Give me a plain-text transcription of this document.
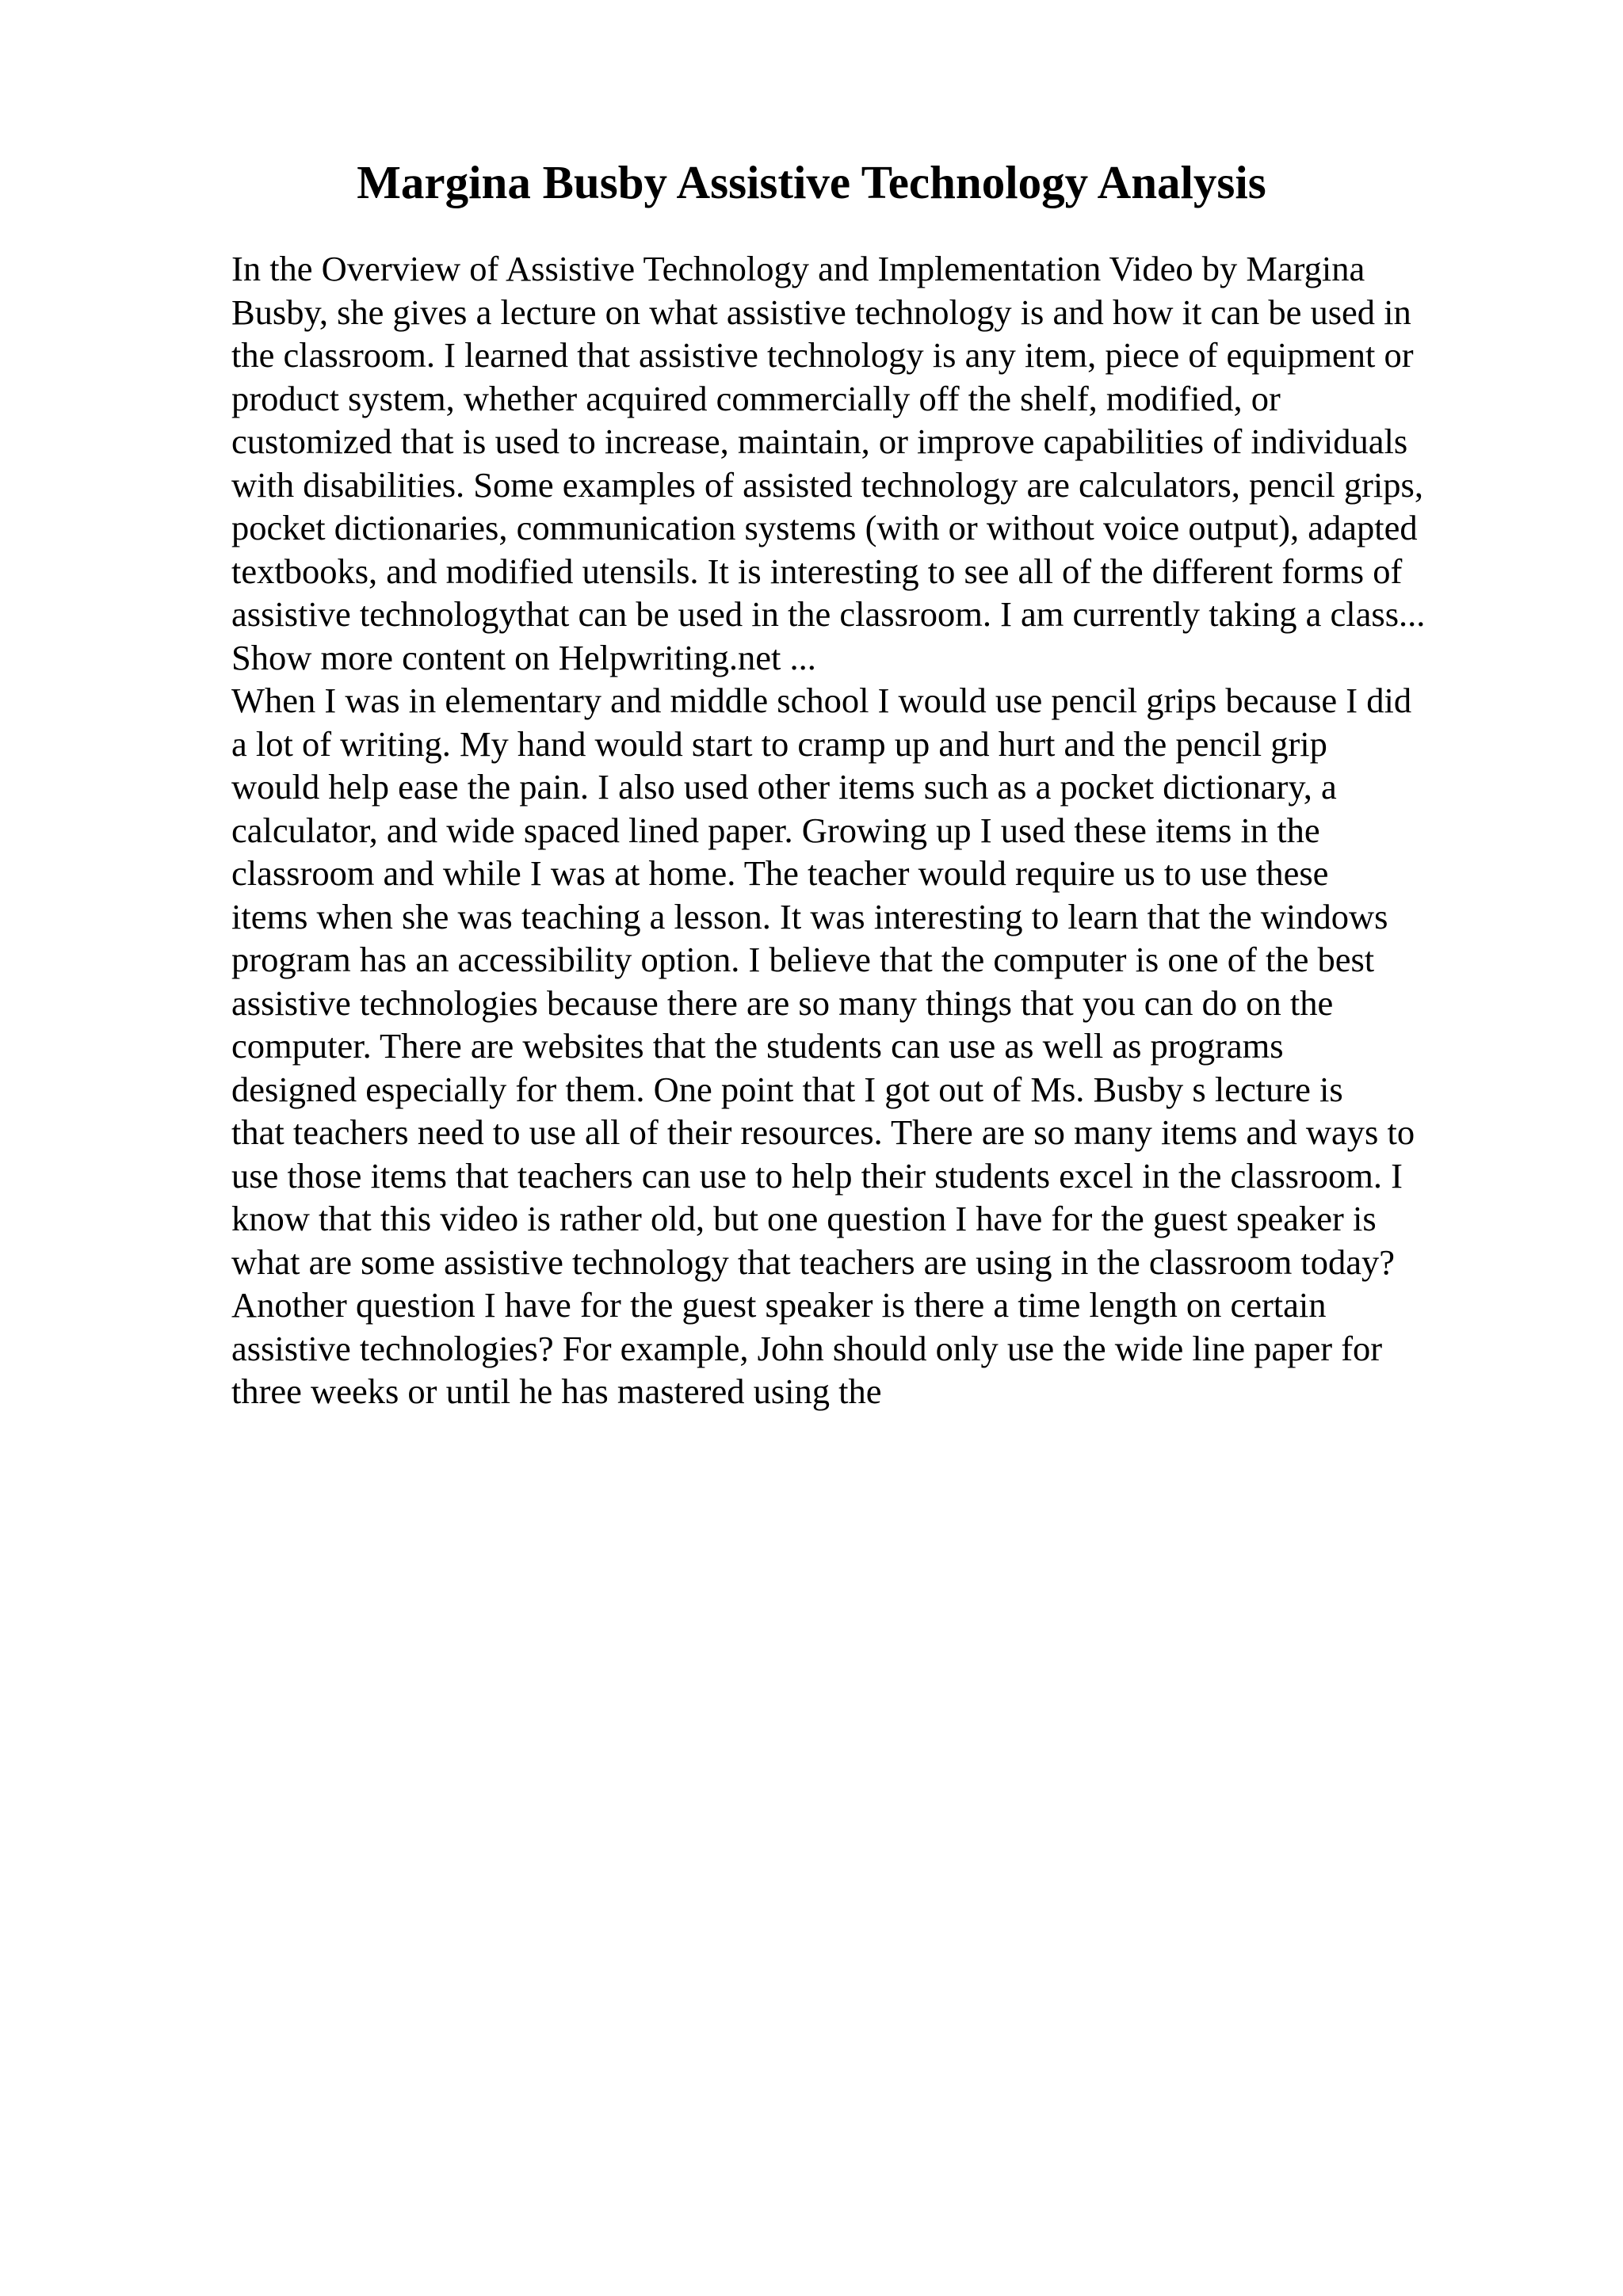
Margina Busby Assistive Technology Analysis
In the Overview of Assistive Technology and Implementation Video by Margina
Busby, she gives a lecture on what assistive technology is and how it can be used in
the classroom. I learned that assistive technology is any item, piece of equipment or
product system, whether acquired commercially off the shelf, modified, or
customized that is used to increase, maintain, or improve capabilities of individuals
with disabilities. Some examples of assisted technology are calculators, pencil grips,
pocket dictionaries, communication systems (with or without voice output), adapted
textbooks, and modified utensils. It is interesting to see all of the different forms of
assistive technologythat can be used in the classroom. I am currently taking a class...
Show more content on Helpwriting.net ...
When I was in elementary and middle school I would use pencil grips because I did
a lot of writing. My hand would start to cramp up and hurt and the pencil grip
would help ease the pain. I also used other items such as a pocket dictionary, a
calculator, and wide spaced lined paper. Growing up I used these items in the
classroom and while I was at home. The teacher would require us to use these
items when she was teaching a lesson. It was interesting to learn that the windows
program has an accessibility option. I believe that the computer is one of the best
assistive technologies because there are so many things that you can do on the
computer. There are websites that the students can use as well as programs
designed especially for them. One point that I got out of Ms. Busby s lecture is
that teachers need to use all of their resources. There are so many items and ways to
use those items that teachers can use to help their students excel in the classroom. I
know that this video is rather old, but one question I have for the guest speaker is
what are some assistive technology that teachers are using in the classroom today?
Another question I have for the guest speaker is there a time length on certain
assistive technologies? For example, John should only use the wide line paper for
three weeks or until he has mastered using the
